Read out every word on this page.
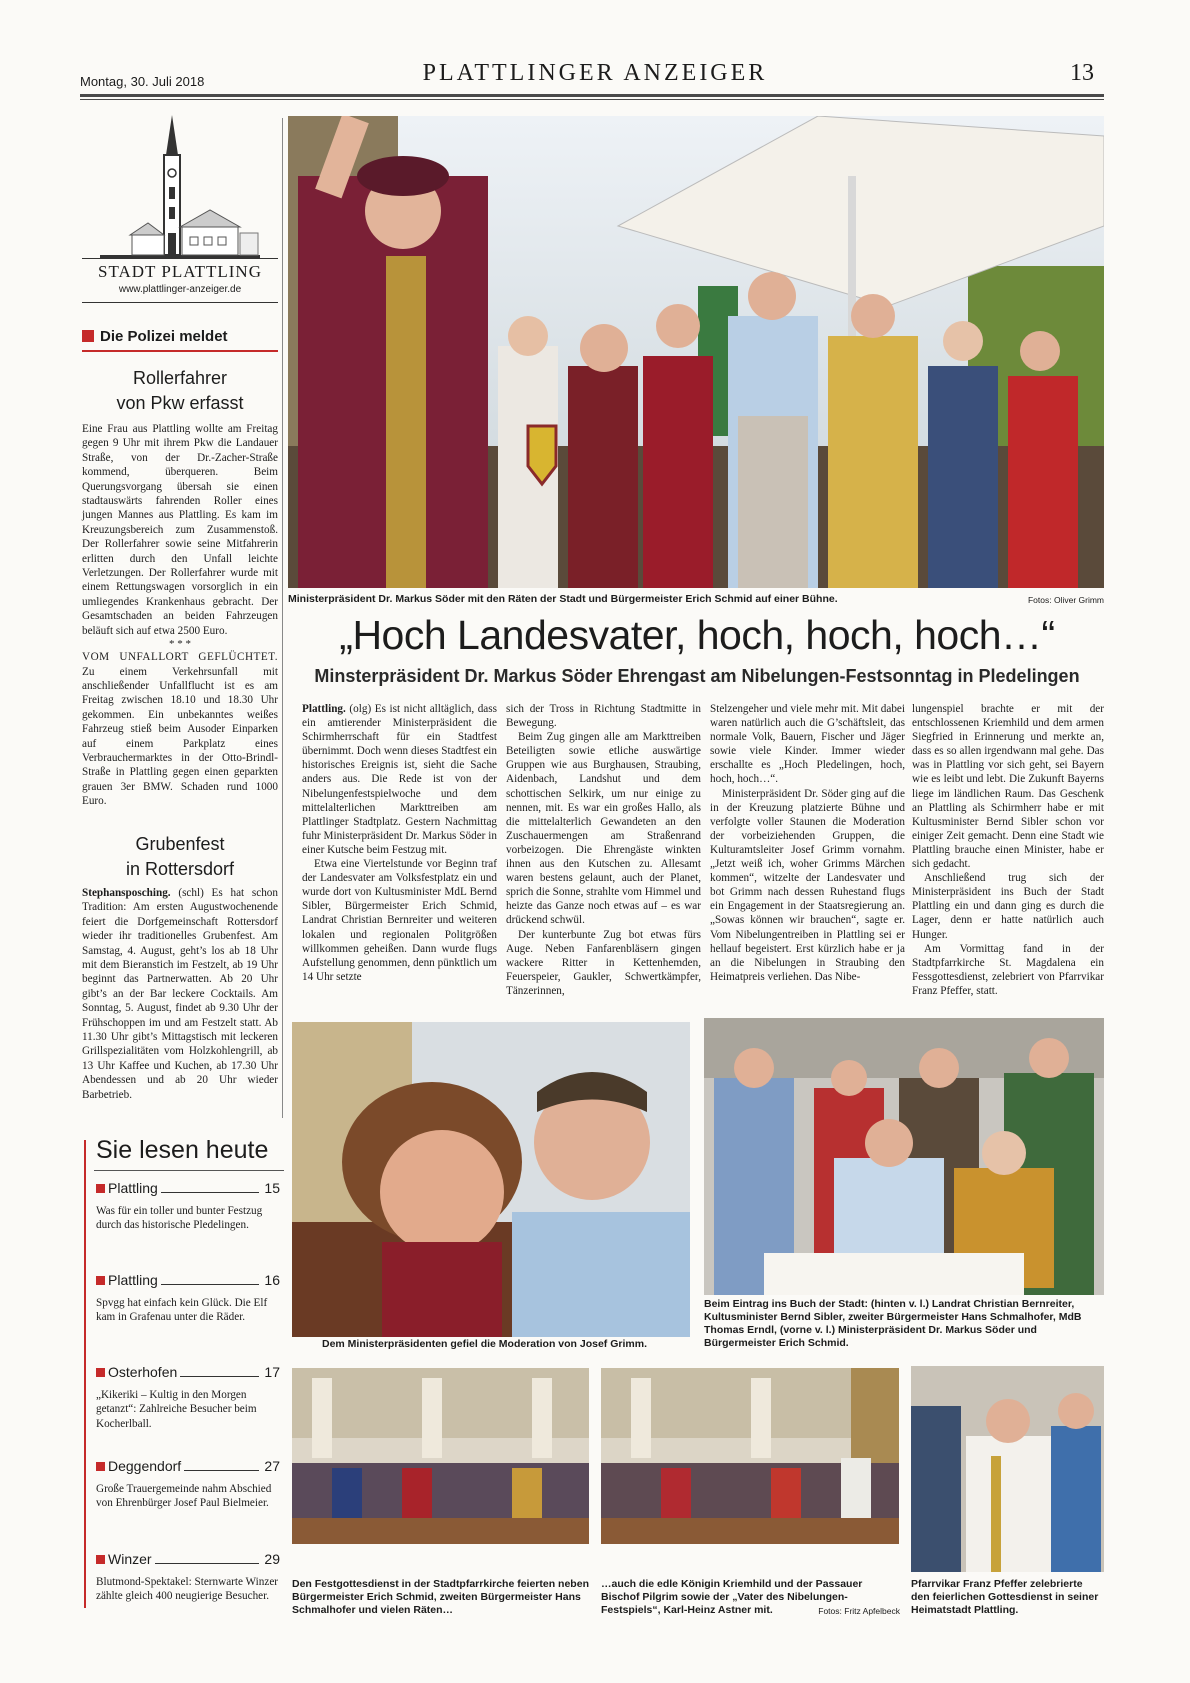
Montag, 30. Juli 2018	PLATTLINGER ANZEIGER	13
STADT PLATTLING
www.plattlinger-anzeiger.de
Die Polizei meldet
Rollerfahrer
von Pkw erfasst
Eine Frau aus Plattling wollte am Freitag gegen 9 Uhr mit ihrem Pkw die Landauer Straße, von der Dr.-Zacher-Straße kommend, überqueren. Beim Querungsvorgang übersah sie einen stadtauswärts fahrenden Roller eines jungen Mannes aus Plattling. Es kam im Kreuzungsbereich zum Zusammenstoß. Der Rollerfahrer sowie seine Mitfahrerin erlitten durch den Unfall leichte Verletzungen. Der Rollerfahrer wurde mit einem Rettungswagen vorsorglich in ein umliegendes Krankenhaus gebracht. Der Gesamtschaden an beiden Fahrzeugen beläuft sich auf etwa 2500 Euro.
* * *
VOM UNFALLORT GEFLÜCHTET. Zu einem Verkehrsunfall mit anschließender Unfallflucht ist es am Freitag zwischen 18.10 und 18.30 Uhr gekommen. Ein unbekanntes weißes Fahrzeug stieß beim Ausoder Einparken auf einem Parkplatz eines Verbrauchermarktes in der Otto-Brindl-Straße in Plattling gegen einen geparkten grauen 3er BMW. Schaden rund 1000 Euro.
Grubenfest
in Rottersdorf
Stephansposching. (schl) Es hat schon Tradition: Am ersten Augustwochenende feiert die Dorfgemeinschaft Rottersdorf wieder ihr traditionelles Grubenfest. Am Samstag, 4. August, geht’s los ab 18 Uhr mit dem Bieranstich im Festzelt, ab 19 Uhr beginnt das Partnerwatten. Ab 20 Uhr gibt’s an der Bar leckere Cocktails. Am Sonntag, 5. August, findet ab 9.30 Uhr der Frühschoppen im und am Festzelt statt. Ab 11.30 Uhr gibt’s Mittagstisch mit leckeren Grillspezialitäten vom Holzkohlengrill, ab 13 Uhr Kaffee und Kuchen, ab 17.30 Uhr Abendessen und ab 20 Uhr wieder Barbetrieb.
Sie lesen heute
Plattling	15
Was für ein toller und bunter Festzug durch das historische Pledelingen.
Plattling	16
Spvgg hat einfach kein Glück. Die Elf kam in Grafenau unter die Räder.
Osterhofen	17
„Kikeriki – Kultig in den Morgen getanzt“: Zahlreiche Besucher beim Kocherlball.
Deggendorf	27
Große Trauergemeinde nahm Abschied von Ehrenbürger Josef Paul Bielmeier.
Winzer	29
Blutmond-Spektakel: Sternwarte Winzer zählte gleich 400 neugierige Besucher.
Ministerpräsident Dr. Markus Söder mit den Räten der Stadt und Bürgermeister Erich Schmid auf einer Bühne.	Fotos: Oliver Grimm
„Hoch Landesvater, hoch, hoch, hoch…“
Minsterpräsident Dr. Markus Söder Ehrengast am Nibelungen-Festsonntag in Pledelingen

Plattling. (olg) Es ist nicht alltäglich, dass ein amtierender Ministerpräsident die Schirmherrschaft für ein Stadtfest übernimmt. Doch wenn dieses Stadtfest ein historisches Ereignis ist, sieht die Sache anders aus. Die Rede ist von der Nibelungenfestspielwoche und dem mittelalterlichen Markttreiben am Plattlinger Stadtplatz. Gestern Nachmittag fuhr Ministerpräsident Dr. Markus Söder in einer Kutsche beim Festzug mit.

Etwa eine Viertelstunde vor Beginn traf der Landesvater am Volksfestplatz ein und wurde dort von Kultusminister MdL Bernd Sibler, Bürgermeister Erich Schmid, Landrat Christian Bernreiter und weiteren lokalen und regionalen Politgrößen willkommen geheißen. Dann wurde flugs Aufstellung genommen, denn pünktlich um 14 Uhr setzte

sich der Tross in Richtung Stadtmitte in Bewegung.

Beim Zug gingen alle am Markttreiben Beteiligten sowie etliche auswärtige Gruppen wie aus Burghausen, Straubing, Aidenbach, Landshut und dem schottischen Selkirk, um nur einige zu nennen, mit. Es war ein großes Hallo, als die mittelalterlich Gewandeten an den Zuschauermengen am Straßenrand vorbeizogen. Die Ehrengäste winkten ihnen aus den Kutschen zu. Allesamt waren bestens gelaunt, auch der Planet, sprich die Sonne, strahlte vom Himmel und heizte das Ganze noch etwas auf – es war drückend schwül.

Der kunterbunte Zug bot etwas fürs Auge. Neben Fanfarenbläsern gingen wackere Ritter in Kettenhemden, Feuerspeier, Gaukler, Schwertkämpfer, Tänzerinnen,

Stelzengeher und viele mehr mit. Mit dabei waren natürlich auch die G’schäftsleit, das normale Volk, Bauern, Fischer und Jäger sowie viele Kinder. Immer wieder erschallte es „Hoch Pledelingen, hoch, hoch, hoch…“.

Ministerpräsident Dr. Söder ging auf die in der Kreuzung platzierte Bühne und verfolgte voller Staunen die Moderation der vorbeiziehenden Gruppen, die Kulturamtsleiter Josef Grimm vornahm. „Jetzt weiß ich, woher Grimms Märchen kommen“, witzelte der Landesvater und bot Grimm nach dessen Ruhestand flugs ein Engagement in der Staatsregierung an. „Sowas können wir brauchen“, sagte er. Vom Nibelungentreiben in Plattling sei er hellauf begeistert. Erst kürzlich habe er ja an die Nibelungen in Straubing den Heimatpreis verliehen. Das Nibe-

lungenspiel brachte er mit der entschlossenen Kriemhild und dem armen Siegfried in Erinnerung und merkte an, dass es so allen irgendwann mal gehe. Das was in Plattling vor sich geht, sei Bayern wie es leibt und lebt. Die Zukunft Bayerns liege im ländlichen Raum. Das Geschenk an Plattling als Schirmherr habe er mit Kultusminister Bernd Sibler schon vor einiger Zeit gemacht. Denn eine Stadt wie Plattling brauche einen Minister, habe er sich gedacht.

Anschließend trug sich der Ministerpräsident ins Buch der Stadt Plattling ein und dann ging es durch die Lager, denn er hatte natürlich auch Hunger.

Am Vormittag fand in der Stadtpfarrkirche St. Magdalena ein Fessgottesdienst, zelebriert von Pfarrvikar Franz Pfeffer, statt.

Dem Ministerpräsidenten gefiel die Moderation von Josef Grimm.
Beim Eintrag ins Buch der Stadt: (hinten v. l.) Landrat Christian Bernreiter, Kultusminister Bernd Sibler, zweiter Bürgermeister Hans Schmalhofer, MdB Thomas Erndl, (vorne v. l.) Ministerpräsident Dr. Markus Söder und Bürgermeister Erich Schmid.
Den Festgottesdienst in der Stadtpfarrkirche feierten neben Bürgermeister Erich Schmid, zweiten Bürgermeister Hans Schmalhofer und vielen Räten…
…auch die edle Königin Kriemhild und der Passauer Bischof Pilgrim sowie der „Vater des Nibelungen-Festspiels“, Karl-Heinz Astner mit.	Fotos: Fritz Apfelbeck
Pfarrvikar Franz Pfeffer zelebrierte den feierlichen Gottesdienst in seiner Heimatstadt Plattling.
